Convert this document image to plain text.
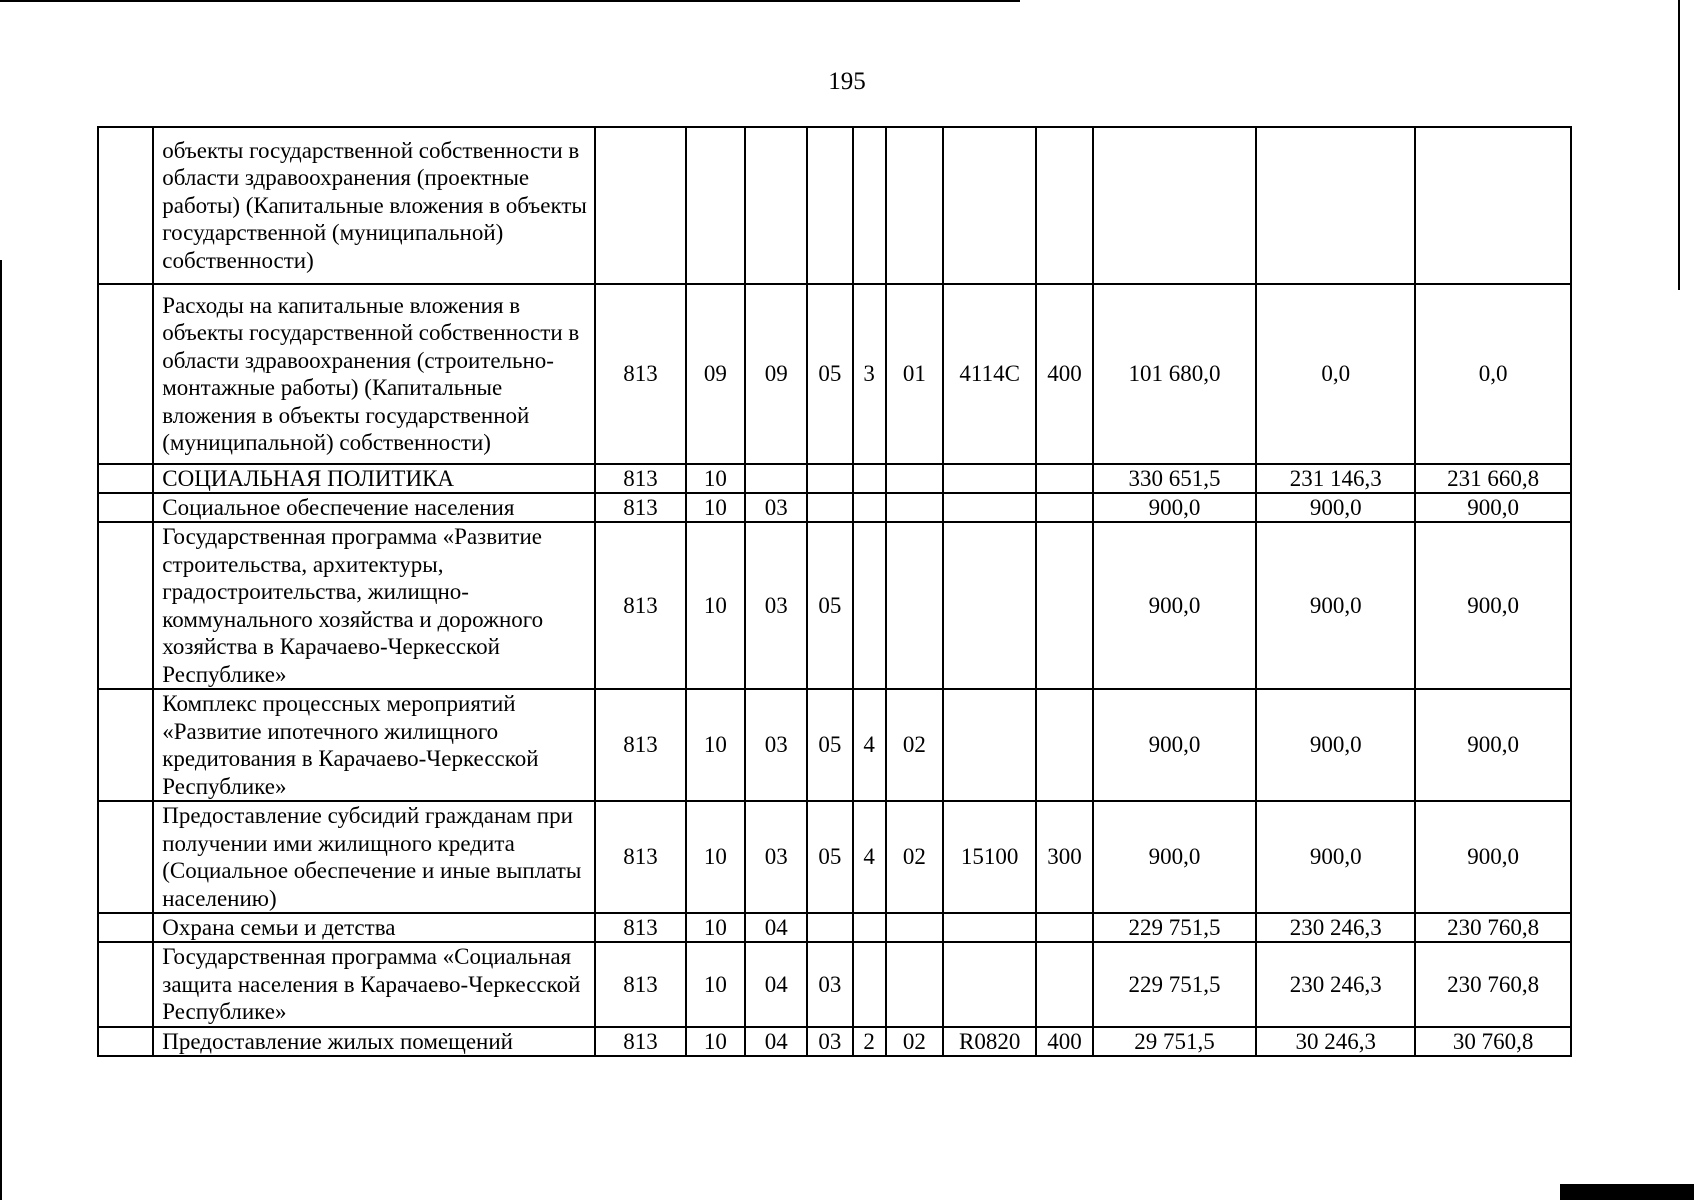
195
	объекты государственной собственности в области здравоохранения (проектные работы) (Капитальные вложения в объекты государственной (муниципальной) собственности)											
	Расходы на капитальные вложения в объекты государственной собственности в области здравоохранения (строительно-монтажные работы) (Капитальные вложения в объекты государственной (муниципальной) собственности)	813	09	09	05	3	01	4114С	400	101 680,0	0,0	0,0
	СОЦИАЛЬНАЯ ПОЛИТИКА	813	10							330 651,5	231 146,3	231 660,8
	Социальное обеспечение населения	813	10	03						900,0	900,0	900,0
	Государственная программа «Развитие строительства, архитектуры, градостроительства, жилищно-коммунального хозяйства и дорожного хозяйства в Карачаево-Черкесской Республике»	813	10	03	05					900,0	900,0	900,0
	Комплекс процессных мероприятий «Развитие ипотечного жилищного кредитования в Карачаево-Черкесской Республике»	813	10	03	05	4	02			900,0	900,0	900,0
	Предоставление субсидий гражданам при получении ими жилищного кредита (Социальное обеспечение и иные выплаты населению)	813	10	03	05	4	02	15100	300	900,0	900,0	900,0
	Охрана семьи и детства	813	10	04						229 751,5	230 246,3	230 760,8
	Государственная программа «Социальная защита населения в Карачаево-Черкесской Республике»	813	10	04	03					229 751,5	230 246,3	230 760,8
	Предоставление жилых помещений	813	10	04	03	2	02	R0820	400	29 751,5	30 246,3	30 760,8
